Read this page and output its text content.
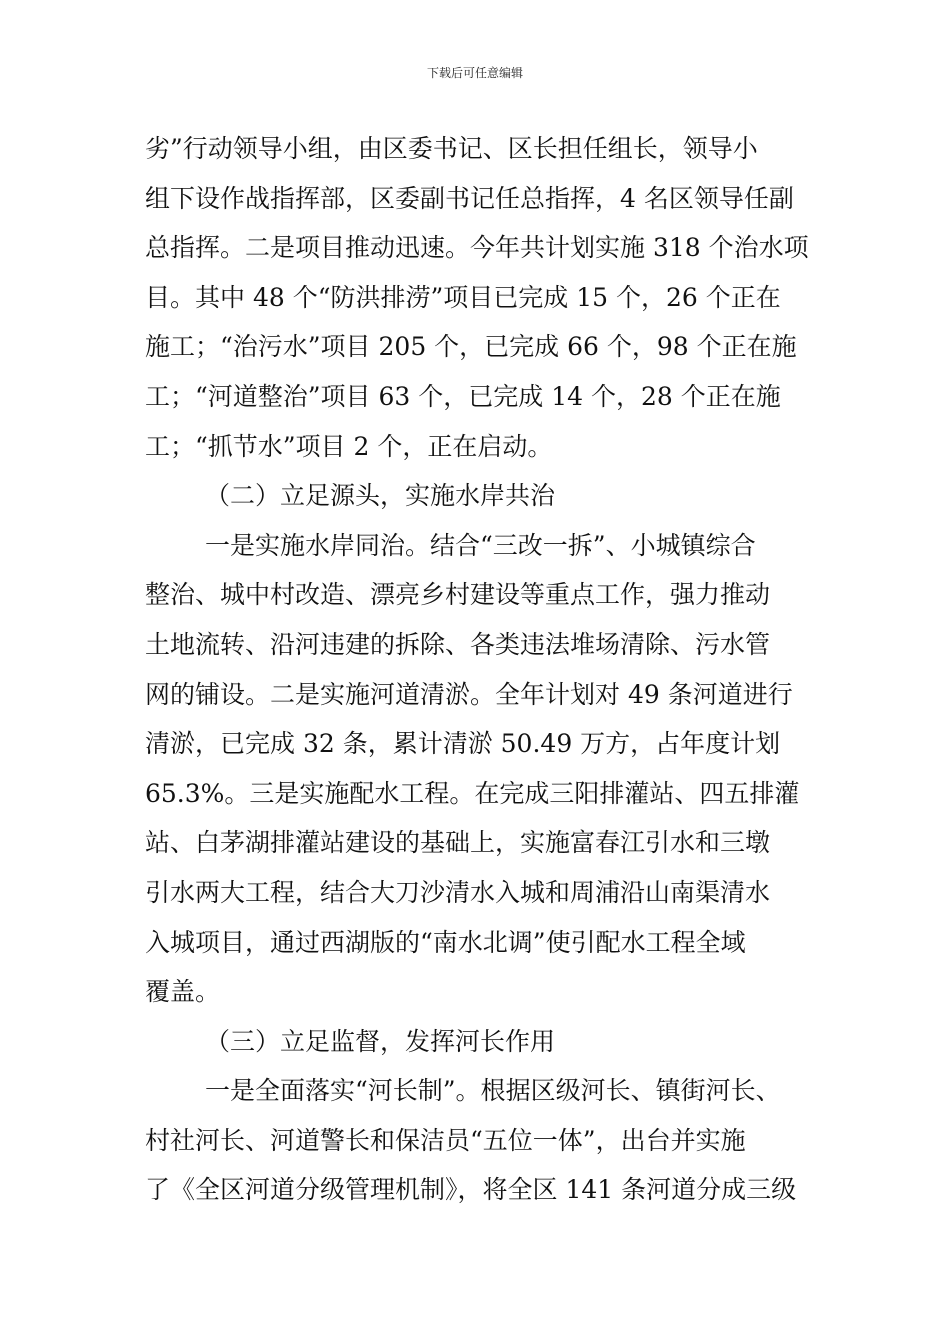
下载后可任意编辑
劣”行动领导小组，由区委书记、区长担任组长，领导小
组下设作战指挥部，区委副书记任总指挥，4 名区领导任副
总指挥。二是项目推动迅速。今年共计划实施 318 个治水项
目。其中 48 个“防洪排涝”项目已完成 15 个，26 个正在
施工；“治污水”项目 205 个，已完成 66 个，98 个正在施
工；“河道整治”项目 63 个，已完成 14 个，28 个正在施
工；“抓节水”项目 2 个，正在启动。
（二）立足源头，实施水岸共治
一是实施水岸同治。结合“三改一拆”、小城镇综合
整治、城中村改造、漂亮乡村建设等重点工作，强力推动
土地流转、沿河违建的拆除、各类违法堆场清除、污水管
网的铺设。二是实施河道清淤。全年计划对 49 条河道进行
清淤，已完成 32 条，累计清淤 50.49 万方，占年度计划
65.3%。三是实施配水工程。在完成三阳排灌站、四五排灌
站、白茅湖排灌站建设的基础上，实施富春江引水和三墩
引水两大工程，结合大刀沙清水入城和周浦沿山南渠清水
入城项目，通过西湖版的“南水北调”使引配水工程全域
覆盖。
（三）立足监督，发挥河长作用
一是全面落实“河长制”。根据区级河长、镇街河长、
村社河长、河道警长和保洁员“五位一体”，出台并实施
了《全区河道分级管理机制》，将全区 141 条河道分成三级
